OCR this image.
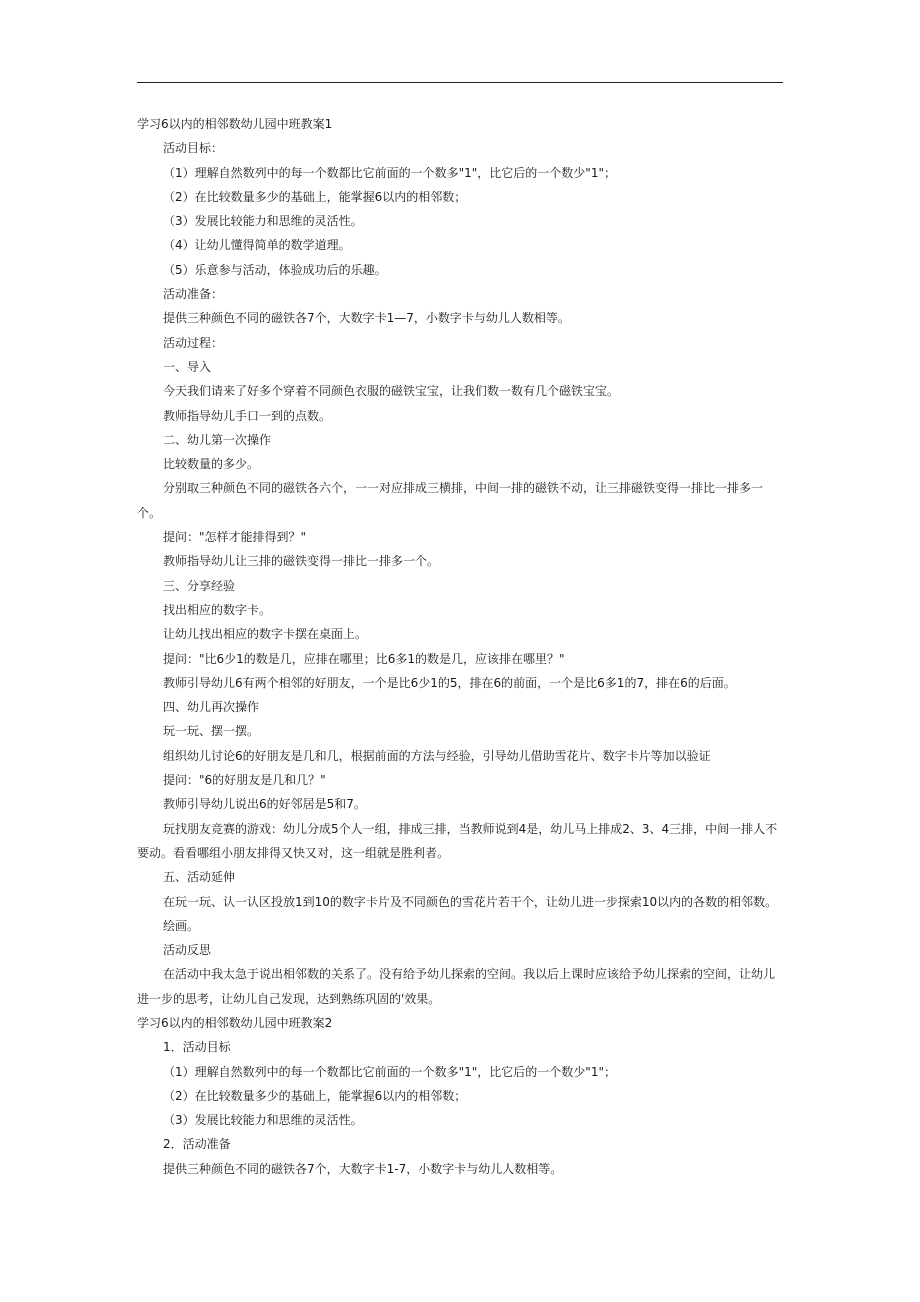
学习6以内的相邻数幼儿园中班教案1

活动目标：

（1）理解自然数列中的每一个数都比它前面的一个数多"1"，比它后的一个数少"1"；

（2）在比较数量多少的基础上，能掌握6以内的相邻数；

（3）发展比较能力和思维的灵活性。

（4）让幼儿懂得简单的数学道理。

（5）乐意参与活动，体验成功后的乐趣。

活动准备：

提供三种颜色不同的磁铁各7个，大数字卡1—7，小数字卡与幼儿人数相等。

活动过程：

一、导入

今天我们请来了好多个穿着不同颜色衣服的磁铁宝宝，让我们数一数有几个磁铁宝宝。

教师指导幼儿手口一到的点数。

二、幼儿第一次操作

比较数量的多少。

分别取三种颜色不同的磁铁各六个，一一对应排成三横排，中间一排的磁铁不动，让三排磁铁变得一排比一排多一个。

提问："怎样才能排得到？"

教师指导幼儿让三排的磁铁变得一排比一排多一个。

三、分享经验

找出相应的数字卡。

让幼儿找出相应的数字卡摆在桌面上。

提问："比6少1的数是几，应排在哪里；比6多1的数是几，应该排在哪里？"

教师引导幼儿6有两个相邻的好朋友，一个是比6少1的5，排在6的前面，一个是比6多1的7，排在6的后面。

四、幼儿再次操作

玩一玩、摆一摆。

组织幼儿讨论6的好朋友是几和几，根据前面的方法与经验，引导幼儿借助雪花片、数字卡片等加以验证

提问："6的好朋友是几和几？"

教师引导幼儿说出6的好邻居是5和7。

玩找朋友竞赛的游戏：幼儿分成5个人一组，排成三排，当教师说到4是，幼儿马上排成2、3、4三排，中间一排人不要动。看看哪组小朋友排得又快又对，这一组就是胜利者。

五、活动延伸

在玩一玩、认一认区投放1到10的数字卡片及不同颜色的雪花片若干个，让幼儿进一步探索10以内的各数的相邻数。

绘画。

活动反思

在活动中我太急于说出相邻数的关系了。没有给予幼儿探索的空间。我以后上课时应该给予幼儿探索的空间，让幼儿进一步的思考，让幼儿自己发现，达到熟练巩固的'效果。

学习6以内的相邻数幼儿园中班教案2

1．活动目标

（1）理解自然数列中的每一个数都比它前面的一个数多"1"，比它后的一个数少"1"；

（2）在比较数量多少的基础上，能掌握6以内的相邻数；

（3）发展比较能力和思维的灵活性。

2．活动准备

提供三种颜色不同的磁铁各7个，大数字卡1-7，小数字卡与幼儿人数相等。
